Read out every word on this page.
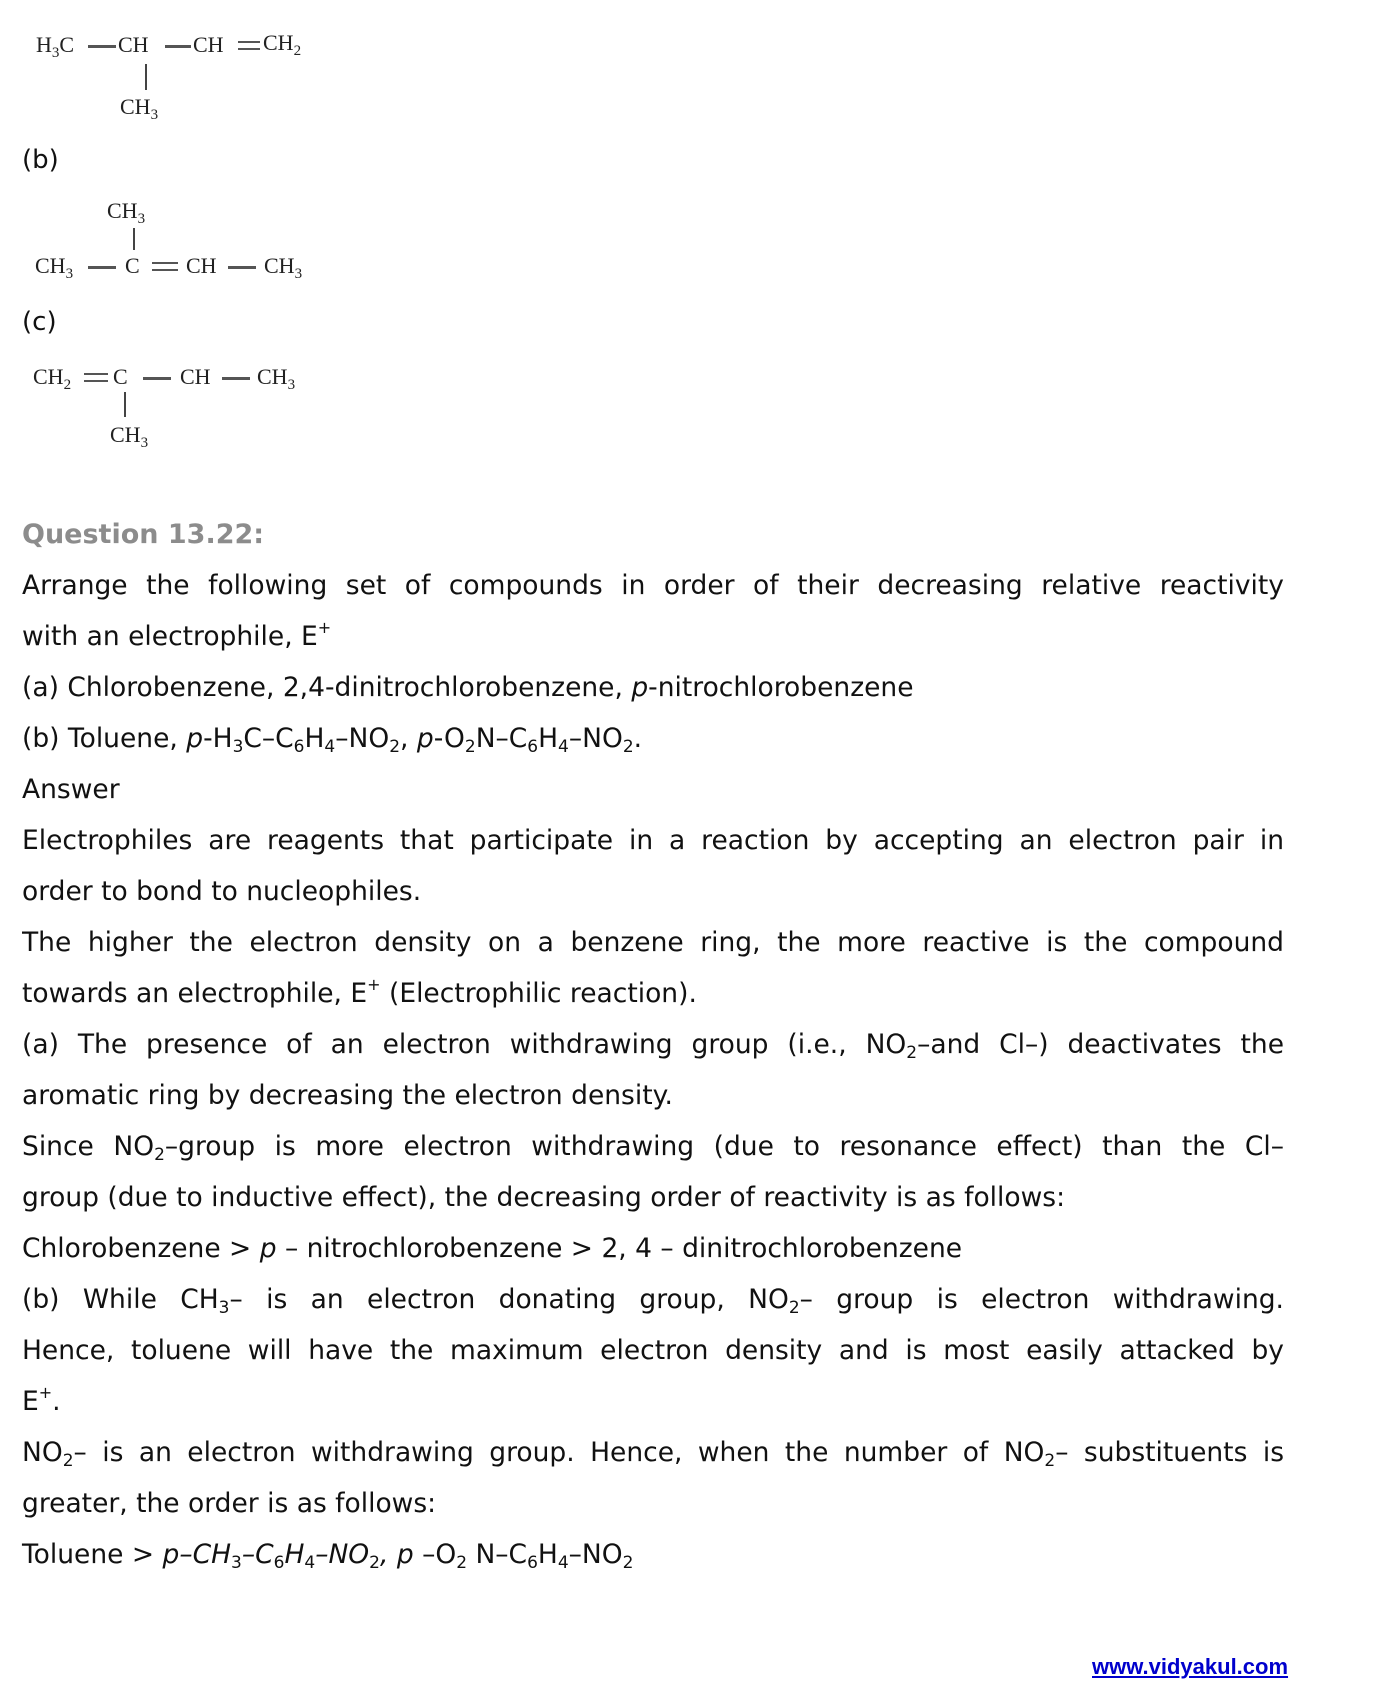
$H_3C$ CH CH $CH_2$
$CH_3$
(b)
$CH_3$
$CH_3$ C CH $CH_3$
(c)
$CH_2$ C CH $CH_3$
$CH_3$
Question 13.22:
Arrange the following set of compounds in order of their decreasing relative reactivity
with an electrophile, E+
(a) Chlorobenzene, 2,4-dinitrochlorobenzene, p-nitrochlorobenzene
(b) Toluene, $p-H_3C-C_6H_4-NO_2$, $p-O_2N-C_6H_4-NO_2$.
Answer
Electrophiles are reagents that participate in a reaction by accepting an electron pair in
order to bond to nucleophiles.
The higher the electron density on a benzene ring, the more reactive is the compound
towards an electrophile, E+ (Electrophilic reaction).
(a) The presence of an electron withdrawing group (i.e., $NO_2$–and Cl–) deactivates the
aromatic ring by decreasing the electron density.
Since $NO_2$–group is more electron withdrawing (due to resonance effect) than the Cl–
group (due to inductive effect), the decreasing order of reactivity is as follows:
Chlorobenzene > p – nitrochlorobenzene > 2, 4 – dinitrochlorobenzene
(b) While $CH_3-$ is an electron donating group, $NO_2-$ group is electron withdrawing.
Hence, toluene will have the maximum electron density and is most easily attacked by
E+.
$NO_2-$ is an electron withdrawing group. Hence, when the number of $NO_2-$ substituents is
greater, the order is as follows:
Toluene > $p-CH_3-C_6H_4-NO_2$, p $-O_2$ $N-C_6H_4-NO_2$
www.vidyakul.com
